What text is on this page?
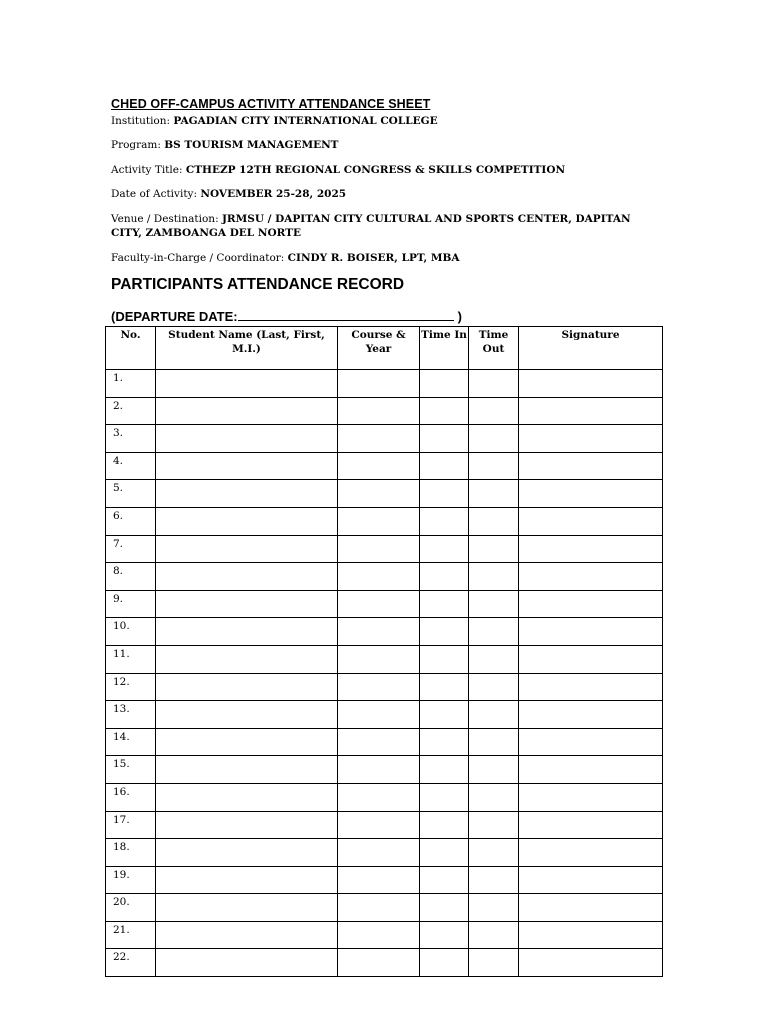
CHED OFF-CAMPUS ACTIVITY ATTENDANCE SHEET
Institution: PAGADIAN CITY INTERNATIONAL COLLEGE
Program: BS TOURISM MANAGEMENT
Activity Title: CTHEZP 12TH REGIONAL CONGRESS & SKILLS COMPETITION
Date of Activity: NOVEMBER 25-28, 2025
Venue / Destination: JRMSU / DAPITAN CITY CULTURAL AND SPORTS CENTER, DAPITAN CITY, ZAMBOANGA DEL NORTE
Faculty-in-Charge / Coordinator: CINDY R. BOISER, LPT, MBA
PARTICIPANTS ATTENDANCE RECORD
(DEPARTURE DATE:	)
No.	Student Name (Last, First, M.I.)	Course & Year	Time In	Time Out	Signature
1.					
2.					
3.					
4.					
5.					
6.					
7.					
8.					
9.					
10.					
11.					
12.					
13.					
14.					
15.					
16.					
17.					
18.					
19.					
20.					
21.					
22.					
